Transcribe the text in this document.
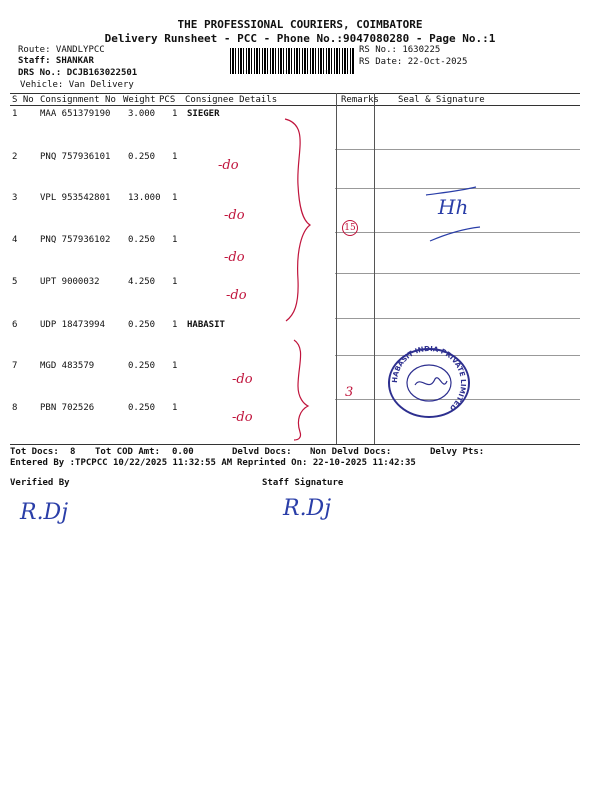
THE PROFESSIONAL COURIERS, COIMBATORE
Delivery Runsheet - PCC - Phone No.:9047080280 - Page No.:1
Route: VANDLYPCC
Staff: SHANKAR
DRS No.: DCJB163022501
Vehicle: Van Delivery
RS No.: 1630225
RS Date: 22-Oct-2025
S No Consignment No Weight PCS Consignee Details	Remarks Seal & Signature
1	MAA 651379190 3.000 1 SIEGER
2	PNQ 757936101 0.250 1
3	VPL 953542801 13.000 1
4	PNQ 757936102 0.250 1
5	UPT 9000032	4.250 1
6	UDP 18473994	0.250 1 HABASIT
7	MGD 483579	0.250 1
8	PBN 702526	0.250 1
-do
-do
-do
-do
-do
-do
15
3
Hh
HABASIT INDIA PRIVATE LIMITED
Tot Docs: 8 Tot COD Amt: 0.00	Delvd Docs: Non Delvd Docs:	Delvy Pts:
Entered By :TPCPCC 10/22/2025 11:32:55 AM Reprinted On: 22-10-2025 11:42:35
Verified By	Staff Signature
R.Dj	R.Dj
